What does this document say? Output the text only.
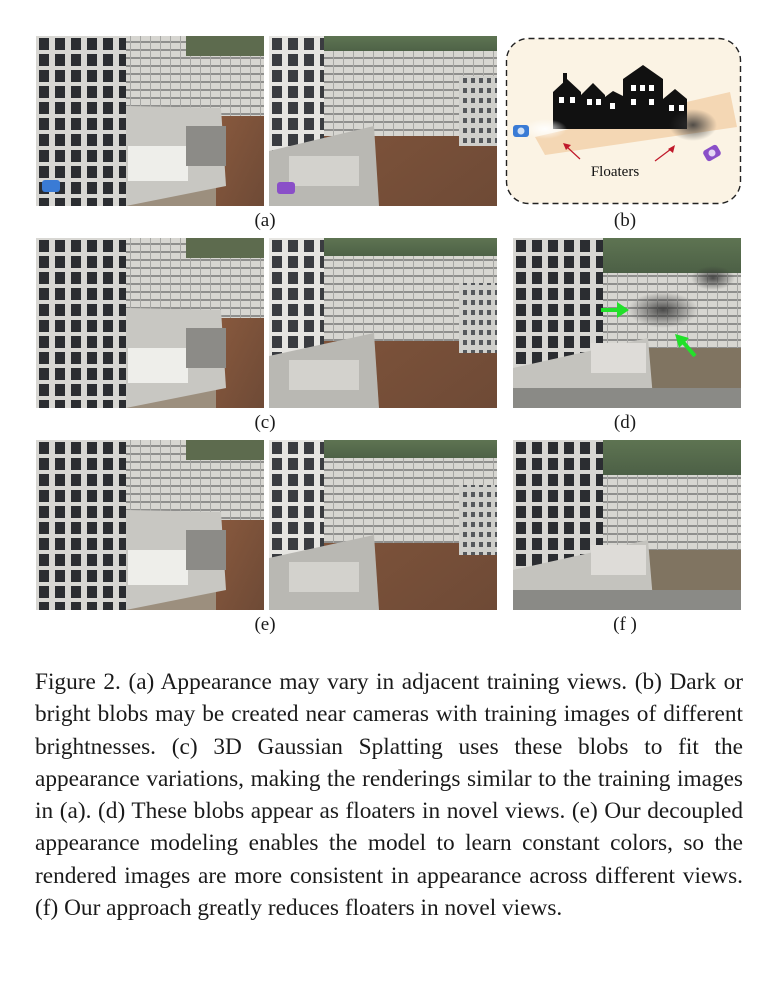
Floaters
(a)	(b)
(c)	(d)
(e)	(f )

Figure 2. (a) Appearance may vary in adjacent training views. (b) Dark or bright blobs may be created near cameras with training images of different brightnesses. (c) 3D Gaussian Splatting uses these blobs to fit the appearance variations, making the renderings similar to the training images in (a). (d) These blobs appear as floaters in novel views. (e) Our decoupled appearance modeling enables the model to learn constant colors, so the rendered images are more consistent in appearance across different views. (f) Our approach greatly reduces floaters in novel views.
